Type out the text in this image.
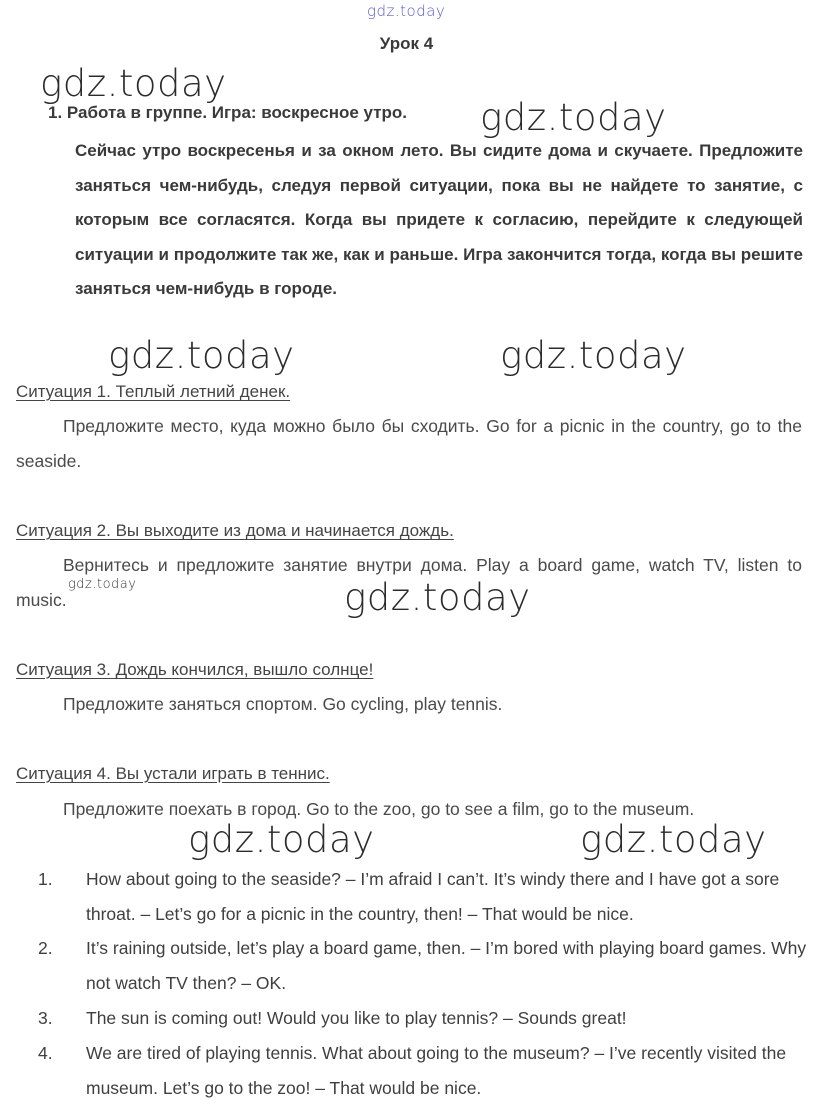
gdz.today
gdz.today
gdz.today
gdz.today	gdz.today
gdz.today	gdz.today
gdz.today	gdz.today
Урок 4
1. Работа в группе. Игра: воскресное утро.

Сейчас утро воскресенья и за окном лето. Вы сидите дома и скучаете. Предложите заняться чем-нибудь, следуя первой ситуации, пока вы не найдете то занятие, с которым все согласятся. Когда вы придете к согласию, перейдите к следующей ситуации и продолжите так же, как и раньше. Игра закончится тогда, когда вы решите заняться чем-нибудь в городе.

Ситуация 1. Теплый летний денек.

Предложите место, куда можно было бы сходить. Go for a picnic in the country, go to the seaside.

Ситуация 2. Вы выходите из дома и начинается дождь.

Вернитесь и предложите занятие внутри дома. Play a board game, watch TV, listen to music.

Ситуация 3. Дождь кончился, вышло солнце!

Предложите заняться спортом. Go cycling, play tennis.

Ситуация 4. Вы устали играть в теннис.

Предложите поехать в город. Go to the zoo, go to see a film, go to the museum.

1. How about going to the seaside? – I’m afraid I can’t. It’s windy there and I have got a sore throat. – Let’s go for a picnic in the country, then! – That would be nice.

2. It’s raining outside, let’s play a board game, then. – I’m bored with playing board games. Why not watch TV then? – OK.

3. The sun is coming out! Would you like to play tennis? – Sounds great!

4. We are tired of playing tennis. What about going to the museum? – I’ve recently visited the museum. Let’s go to the zoo! – That would be nice.
